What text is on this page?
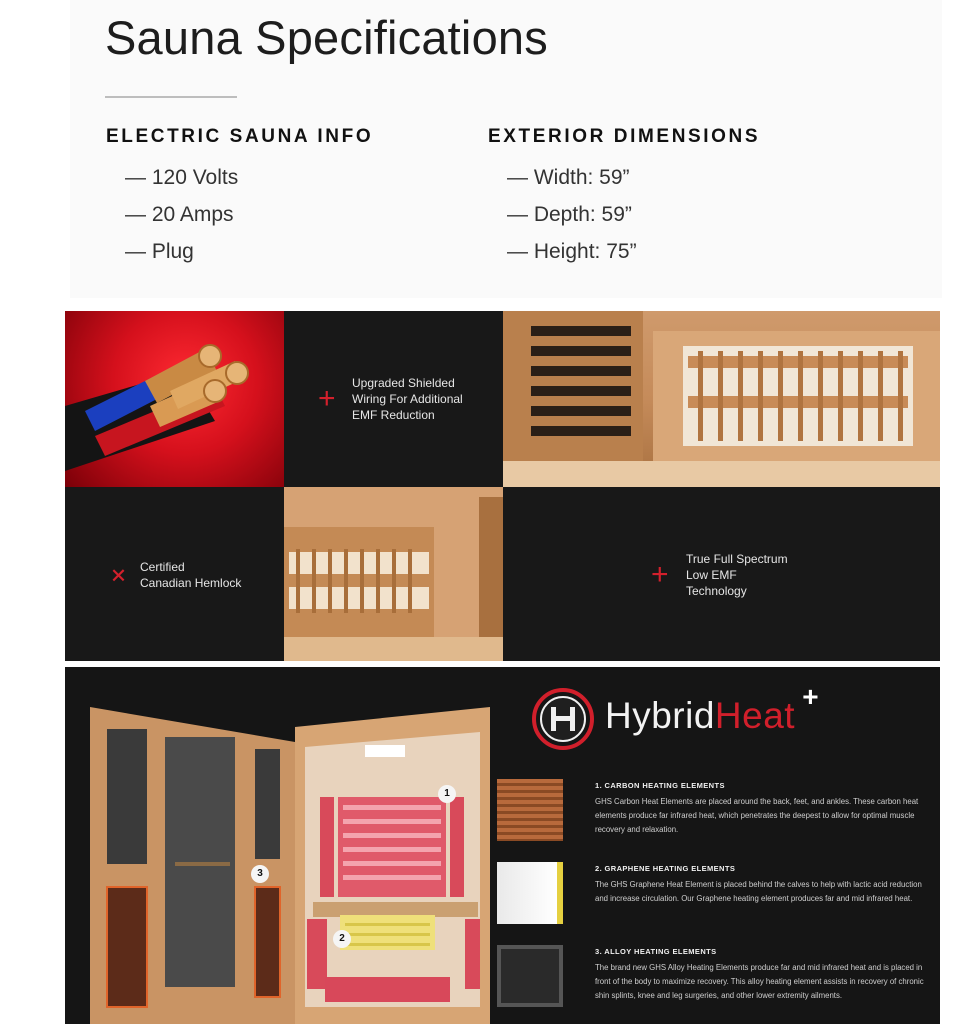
Sauna Specifications
ELECTRIC SAUNA INFO
— 120 Volts
— 20 Amps
— Plug
EXTERIOR DIMENSIONS
— Width: 59”
— Depth: 59”
— Height: 75”
+ Upgraded Shielded
Wiring For Additional
EMF Reduction
+ Certified
Canadian Hemlock	+ True Full Spectrum
Low EMF
Technology
1
2
3
HybridHeat +
1. CARBON HEATING ELEMENTS
GHS Carbon Heat Elements are placed around the back, feet, and ankles. These carbon heat elements produce far infrared heat, which penetrates the deepest to allow for optimal muscle recovery and relaxation.
2. GRAPHENE HEATING ELEMENTS
The GHS Graphene Heat Element is placed behind the calves to help with lactic acid reduction and increase circulation. Our Graphene heating element produces far and mid infrared heat.
3. ALLOY HEATING ELEMENTS
The brand new GHS Alloy Heating Elements produce far and mid infrared heat and is placed in front of the body to maximize recovery. This alloy heating element assists in recovery of chronic shin splints, knee and leg surgeries, and other lower extremity ailments.
